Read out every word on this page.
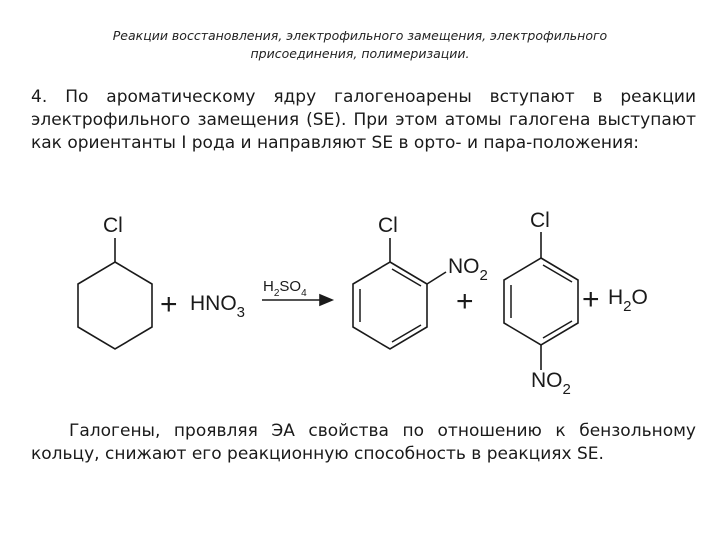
Реакции восстановления, электрофильного замещения, электрофильного
присоединения, полимеризации.
4. По ароматическому ядру галогеноарены вступают в реакции электрофильного замещения (SE). При этом атомы галогена выступают как ориентанты I рода и направляют SE в орто- и пара-положения:
Cl
+ $HNO_3$
$H_2SO_4$
Cl
$NO_2$
+
Cl
$NO_2$
+ $H_2O$
Галогены, проявляя ЭА свойства по отношению к бензольному кольцу, снижают его реакционную способность в реакциях SE.
